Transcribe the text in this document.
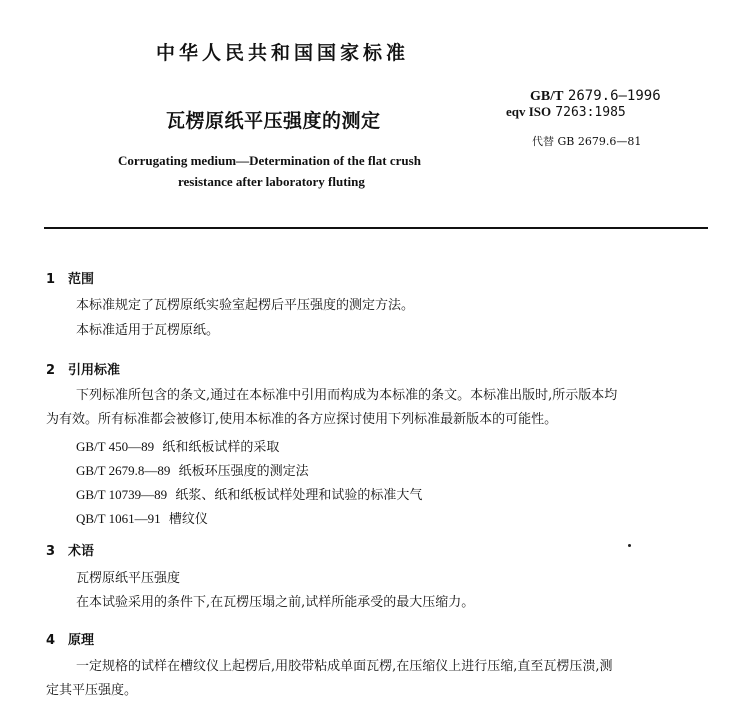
中华人民共和国国家标准
GB/T 2679.6—1996
eqv ISO 7263:1985
瓦楞原纸平压强度的测定
代替 GB 2679.6—81
Corrugating medium—Determination of the flat crush
resistance after laboratory fluting
1 范围
本标准规定了瓦楞原纸实验室起楞后平压强度的测定方法。
本标准适用于瓦楞原纸。
2 引用标准
下列标准所包含的条文,通过在本标准中引用而构成为本标准的条文。本标准出版时,所示版本均
为有效。所有标准都会被修订,使用本标准的各方应探讨使用下列标准最新版本的可能性。
GB/T 450—89 纸和纸板试样的采取
GB/T 2679.8—89 纸板环压强度的测定法
GB/T 10739—89 纸浆、纸和纸板试样处理和试验的标准大气
QB/T 1061—91 槽纹仪
3 术语
瓦楞原纸平压强度
在本试验采用的条件下,在瓦楞压塌之前,试样所能承受的最大压缩力。
4 原理
一定规格的试样在槽纹仪上起楞后,用胶带粘成单面瓦楞,在压缩仪上进行压缩,直至瓦楞压溃,测
定其平压强度。
